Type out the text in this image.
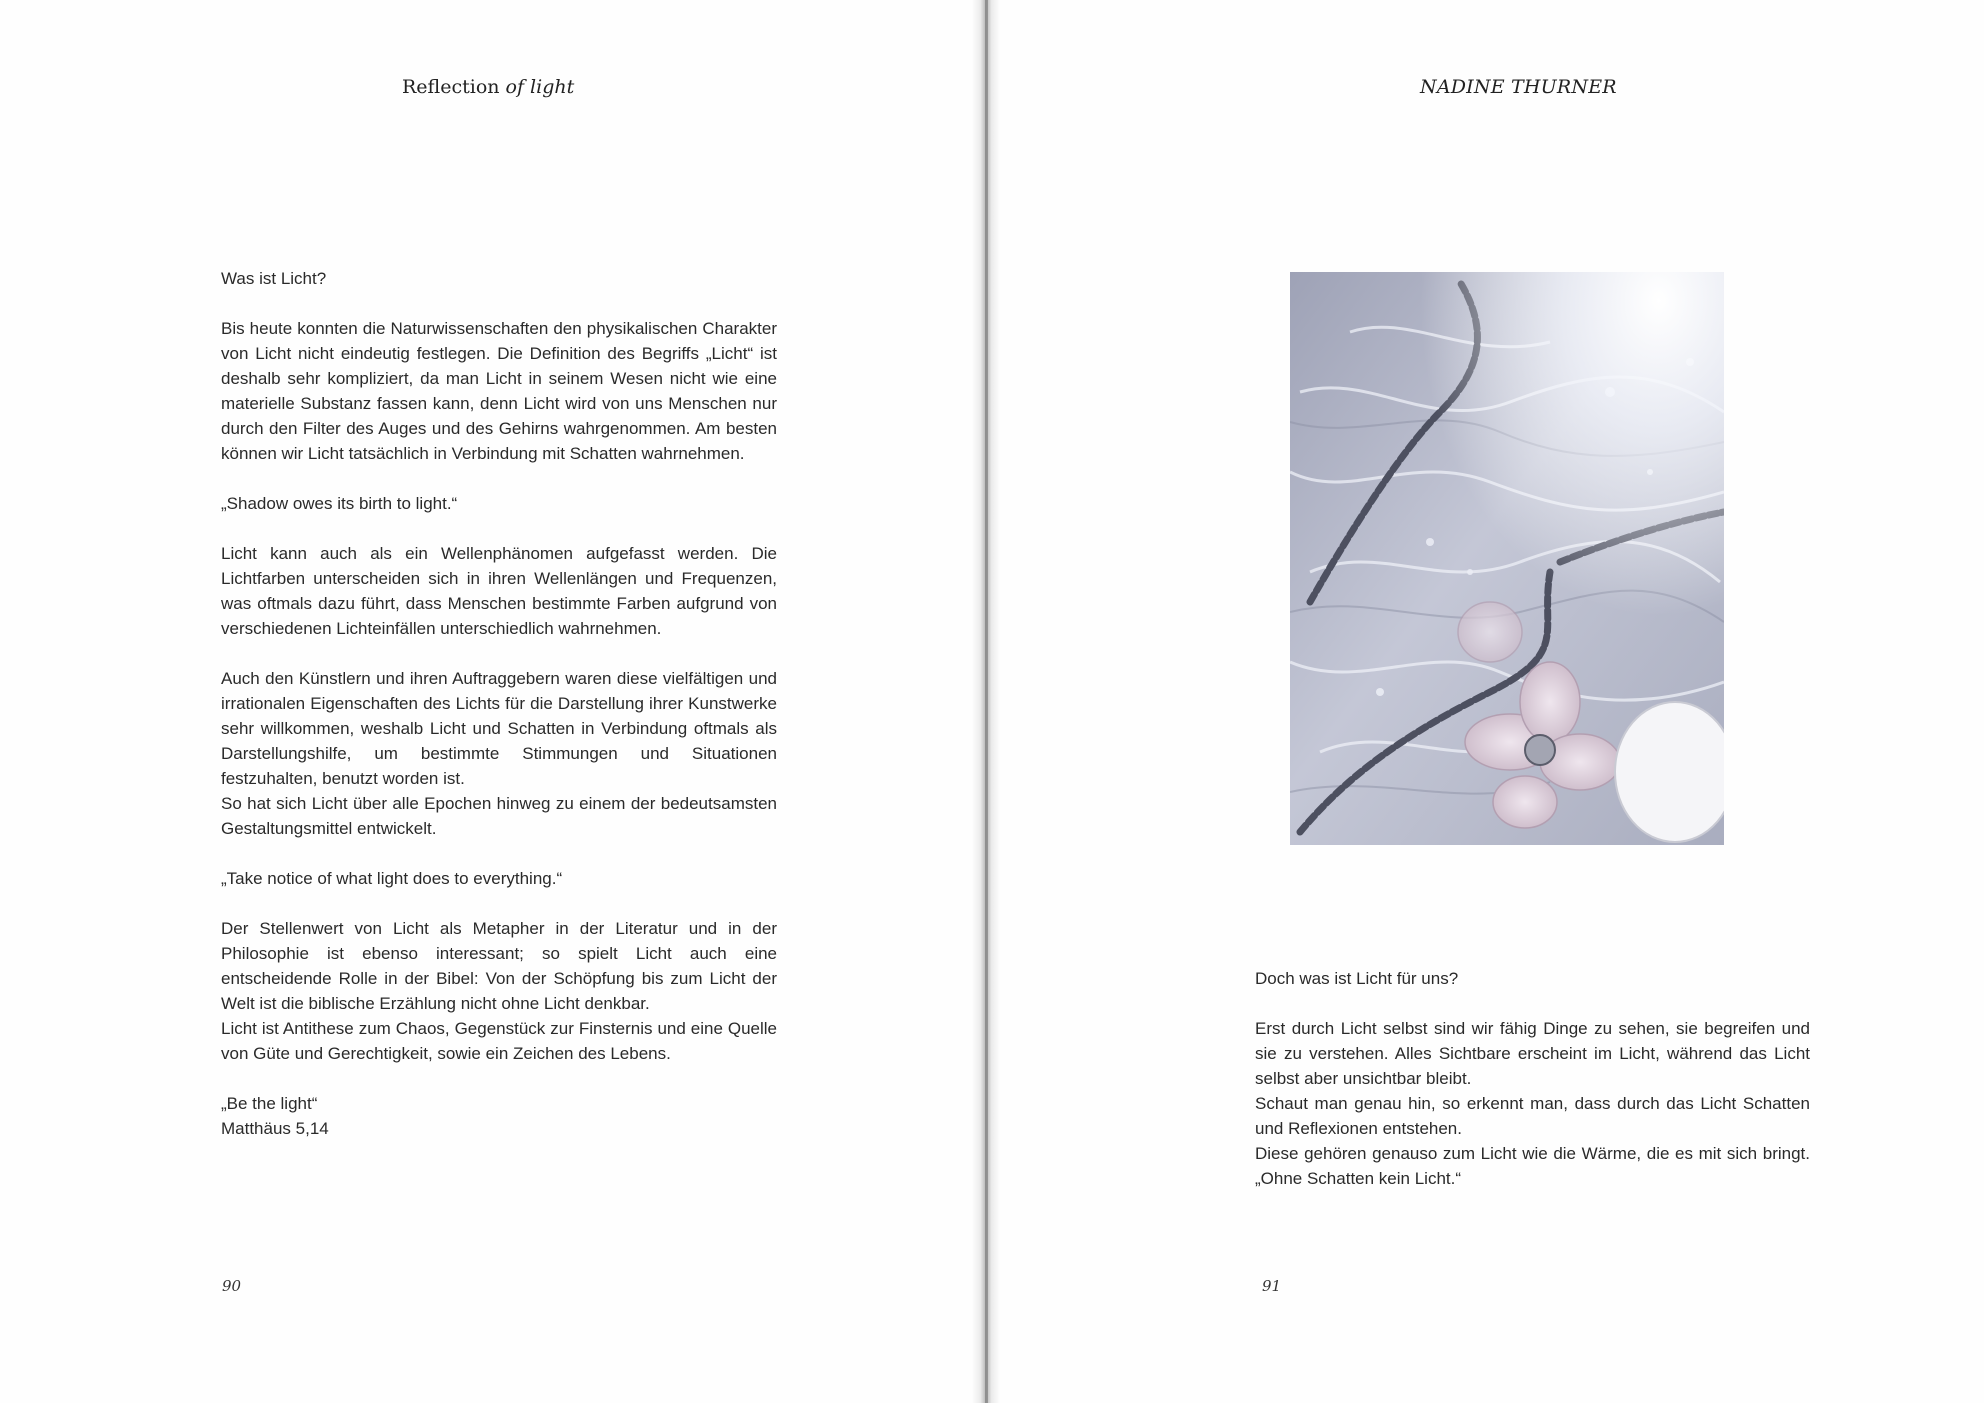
Reflection of light

Was ist Licht?

Bis heute konnten die Naturwissenschaften den physikalischen Charakter von Licht nicht eindeutig festlegen. Die Definition des Begriffs „Licht“ ist deshalb sehr kompliziert, da man Licht in seinem Wesen nicht wie eine materielle Substanz fassen kann, denn Licht wird von uns Menschen nur durch den Filter des Auges und des Gehirns wahrgenommen. Am besten können wir Licht tatsächlich in Verbindung mit Schatten wahrnehmen.

„Shadow owes its birth to light.“

Licht kann auch als ein Wellenphänomen aufgefasst werden. Die Lichtfarben unterscheiden sich in ihren Wellenlängen und Frequenzen, was oftmals dazu führt, dass Menschen bestimmte Farben aufgrund von verschiedenen Lichteinfällen unterschiedlich wahrnehmen.

Auch den Künstlern und ihren Auftraggebern waren diese vielfältigen und irrationalen Eigenschaften des Lichts für die Darstellung ihrer Kunstwerke sehr willkommen, weshalb Licht und Schatten in Verbindung oftmals als Darstellungshilfe, um bestimmte Stimmungen und Situationen festzuhalten, benutzt worden ist.
So hat sich Licht über alle Epochen hinweg zu einem der bedeutsamsten Gestaltungsmittel entwickelt.

„Take notice of what light does to everything.“

Der Stellenwert von Licht als Metapher in der Literatur und in der Philosophie ist ebenso interessant; so spielt Licht auch eine entscheidende Rolle in der Bibel: Von der Schöpfung bis zum Licht der Welt ist die biblische Erzählung nicht ohne Licht denkbar.
Licht ist Antithese zum Chaos, Gegenstück zur Finsternis und eine Quelle von Güte und Gerechtigkeit, sowie ein Zeichen des Lebens.
„Be the light“
Matthäus 5,14
90
NADINE THURNER

Doch was ist Licht für uns?

Erst durch Licht selbst sind wir fähig Dinge zu sehen, sie begreifen und sie zu verstehen. Alles Sichtbare erscheint im Licht, während das Licht selbst aber unsichtbar bleibt.
Schaut man genau hin, so erkennt man, dass durch das Licht Schatten und Reflexionen entstehen.
Diese gehören genauso zum Licht wie die Wärme, die es mit sich bringt. „Ohne Schatten kein Licht.“
91
